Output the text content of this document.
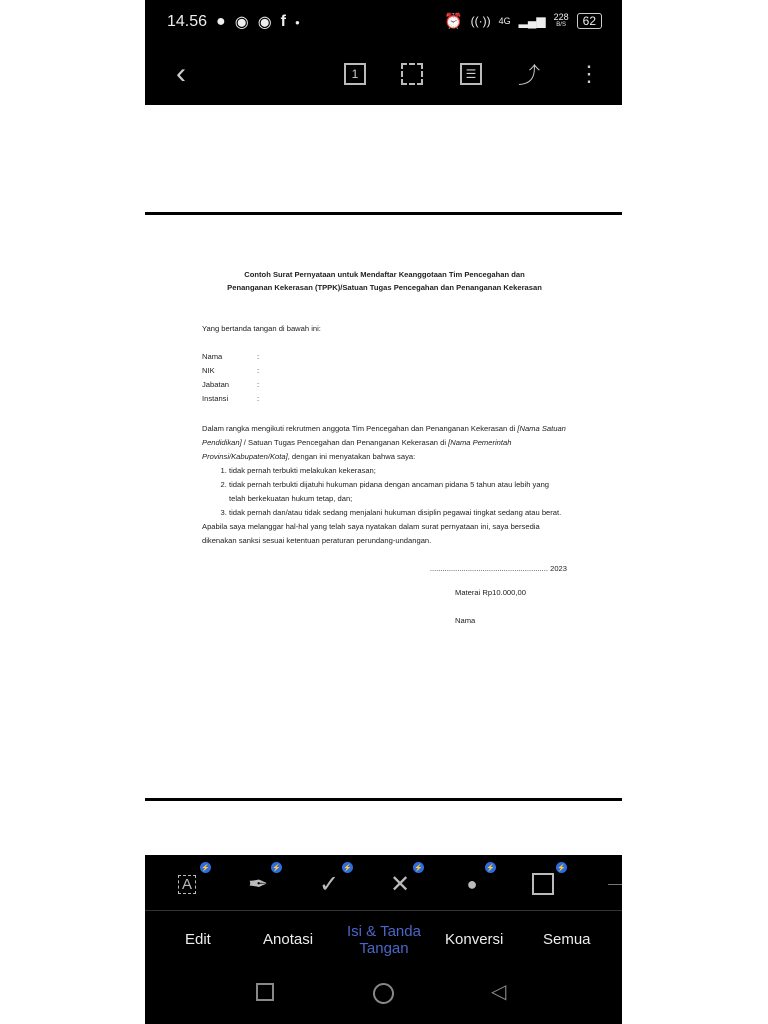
14.56 ● ◉ ◉ f ●	⏰ ((·)) 4G ▂▄▆ 228
B/S	62
‹	1	☰ ⤴ ⋮
Contoh Surat Pernyataan untuk Mendaftar Keanggotaan Tim Pencegahan dan
Penanganan Kekerasan (TPPK)/Satuan Tugas Pencegahan dan Penanganan Kekerasan
Yang bertanda tangan di bawah ini:
Nama	:
NIK	:
Jabatan	:
Instansi	:
Dalam rangka mengikuti rekrutmen anggota Tim Pencegahan dan Penanganan Kekerasan di [Nama Satuan Pendidikan] / Satuan Tugas Pencegahan dan Penanganan Kekerasan di [Nama Pemerintah Provinsi/Kabupaten/Kota], dengan ini menyatakan bahwa saya:
1. tidak pernah terbukti melakukan kekerasan;
2. tidak pernah terbukti dijatuhi hukuman pidana dengan ancaman pidana 5 tahun atau lebih yang telah berkekuatan hukum tetap, dan;
3. tidak pernah dan/atau tidak sedang menjalani hukuman disiplin pegawai tingkat sedang atau berat.
Apabila saya melanggar hal-hal yang telah saya nyatakan dalam surat pernyataan ini, saya bersedia dikenakan sanksi sesuai ketentuan peraturan perundang-undangan.
........................................................ 2023
Materai Rp10.000,00
Nama
A
⚡
✒
⚡
✓
⚡
✕
⚡
●
⚡	⚡
Edit	Anotasi	Isi & Tanda Tangan
Konversi	Semua
◁
